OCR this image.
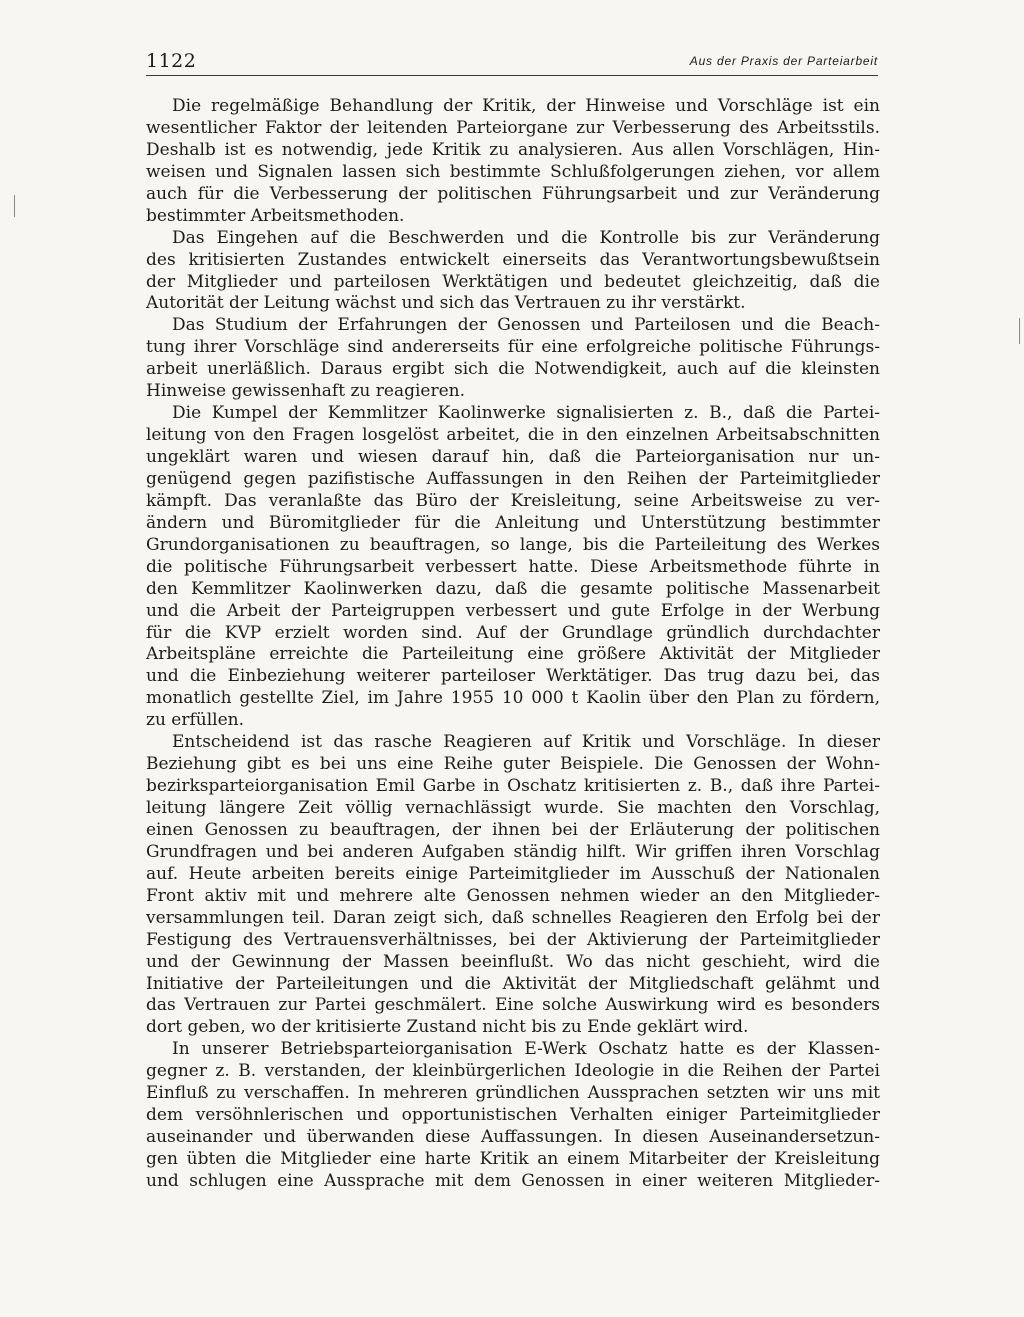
1122	Aus der Praxis der Parteiarbeit
Die regelmäßige Behandlung der Kritik, der Hinweise und Vorschläge ist ein
wesentlicher Faktor der leitenden Parteiorgane zur Verbesserung des Arbeitsstils.
Deshalb ist es notwendig, jede Kritik zu analysieren. Aus allen Vorschlägen, Hin-
weisen und Signalen lassen sich bestimmte Schlußfolgerungen ziehen, vor allem
auch für die Verbesserung der politischen Führungsarbeit und zur Veränderung
bestimmter Arbeitsmethoden.
Das Eingehen auf die Beschwerden und die Kontrolle bis zur Veränderung
des kritisierten Zustandes entwickelt einerseits das Verantwortungsbewußtsein
der Mitglieder und parteilosen Werktätigen und bedeutet gleichzeitig, daß die
Autorität der Leitung wächst und sich das Vertrauen zu ihr verstärkt.
Das Studium der Erfahrungen der Genossen und Parteilosen und die Beach-
tung ihrer Vorschläge sind andererseits für eine erfolgreiche politische Führungs-
arbeit unerläßlich. Daraus ergibt sich die Notwendigkeit, auch auf die kleinsten
Hinweise gewissenhaft zu reagieren.
Die Kumpel der Kemmlitzer Kaolinwerke signalisierten z. B., daß die Partei-
leitung von den Fragen losgelöst arbeitet, die in den einzelnen Arbeitsabschnitten
ungeklärt waren und wiesen darauf hin, daß die Parteiorganisation nur un-
genügend gegen pazifistische Auffassungen in den Reihen der Parteimitglieder
kämpft. Das veranlaßte das Büro der Kreisleitung, seine Arbeitsweise zu ver-
ändern und Büromitglieder für die Anleitung und Unterstützung bestimmter
Grundorganisationen zu beauftragen, so lange, bis die Parteileitung des Werkes
die politische Führungsarbeit verbessert hatte. Diese Arbeitsmethode führte in
den Kemmlitzer Kaolinwerken dazu, daß die gesamte politische Massenarbeit
und die Arbeit der Parteigruppen verbessert und gute Erfolge in der Werbung
für die KVP erzielt worden sind. Auf der Grundlage gründlich durchdachter
Arbeitspläne erreichte die Parteileitung eine größere Aktivität der Mitglieder
und die Einbeziehung weiterer parteiloser Werktätiger. Das trug dazu bei, das
monatlich gestellte Ziel, im Jahre 1955 10 000 t Kaolin über den Plan zu fördern,
zu erfüllen.
Entscheidend ist das rasche Reagieren auf Kritik und Vorschläge. In dieser
Beziehung gibt es bei uns eine Reihe guter Beispiele. Die Genossen der Wohn-
bezirksparteiorganisation Emil Garbe in Oschatz kritisierten z. B., daß ihre Partei-
leitung längere Zeit völlig vernachlässigt wurde. Sie machten den Vorschlag,
einen Genossen zu beauftragen, der ihnen bei der Erläuterung der politischen
Grundfragen und bei anderen Aufgaben ständig hilft. Wir griffen ihren Vorschlag
auf. Heute arbeiten bereits einige Parteimitglieder im Ausschuß der Nationalen
Front aktiv mit und mehrere alte Genossen nehmen wieder an den Mitglieder-
versammlungen teil. Daran zeigt sich, daß schnelles Reagieren den Erfolg bei der
Festigung des Vertrauensverhältnisses, bei der Aktivierung der Parteimitglieder
und der Gewinnung der Massen beeinflußt. Wo das nicht geschieht, wird die
Initiative der Parteileitungen und die Aktivität der Mitgliedschaft gelähmt und
das Vertrauen zur Partei geschmälert. Eine solche Auswirkung wird es besonders
dort geben, wo der kritisierte Zustand nicht bis zu Ende geklärt wird.
In unserer Betriebsparteiorganisation E-Werk Oschatz hatte es der Klassen-
gegner z. B. verstanden, der kleinbürgerlichen Ideologie in die Reihen der Partei
Einfluß zu verschaffen. In mehreren gründlichen Aussprachen setzten wir uns mit
dem versöhnlerischen und opportunistischen Verhalten einiger Parteimitglieder
auseinander und überwanden diese Auffassungen. In diesen Auseinandersetzun-
gen übten die Mitglieder eine harte Kritik an einem Mitarbeiter der Kreisleitung
und schlugen eine Aussprache mit dem Genossen in einer weiteren Mitglieder-
